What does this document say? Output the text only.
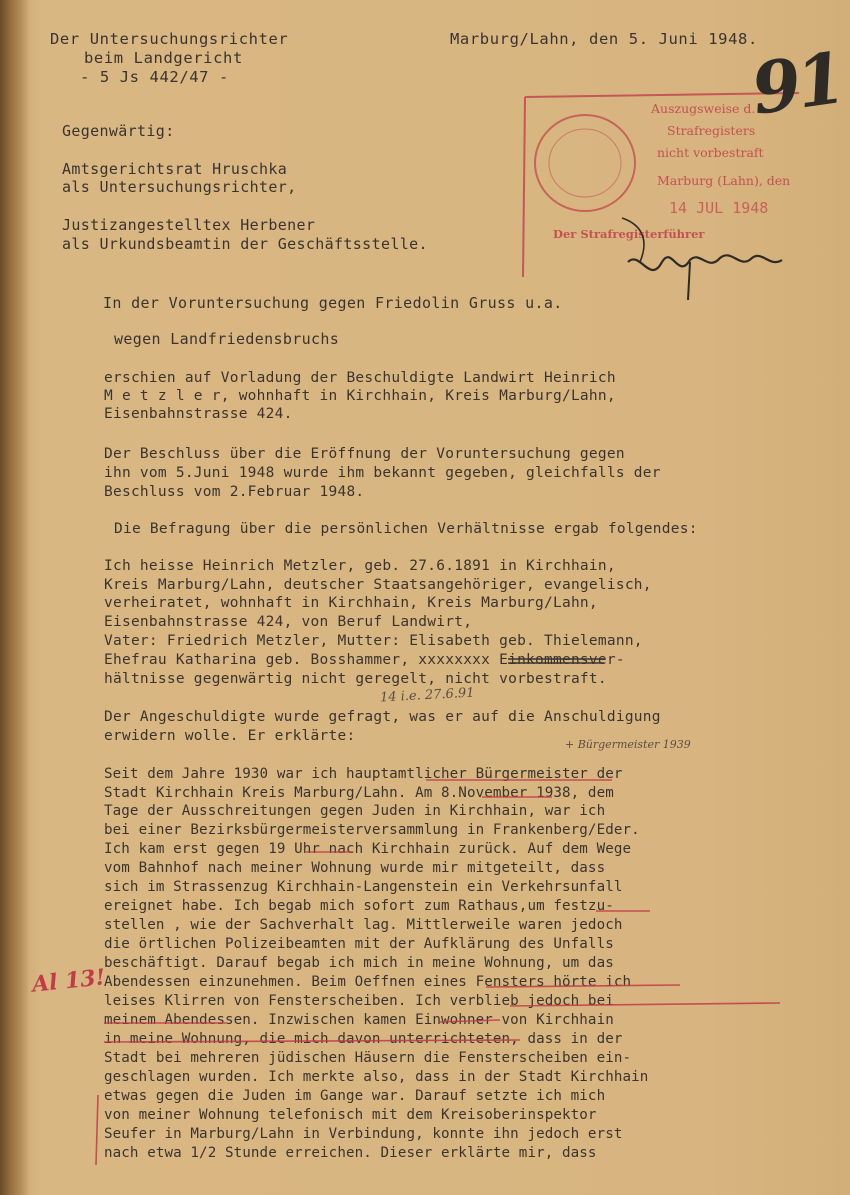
Der Untersuchungsrichter

beim Landgericht

- 5 Js 442/47 -

Marburg/Lahn, den 5. Juni 1948.

Gegenwärtig:

Amtsgerichtsrat Hruschka

als Untersuchungsrichter,

Justizangestelltex Herbener

als Urkundsbeamtin der Geschäftsstelle.

Auszugsweise d.
Strafregisters
nicht vorbestraft
Marburg (Lahn), den
14 JUL 1948
Der Strafregisterführer

In der Voruntersuchung gegen Friedolin Gruss u.a.

wegen Landfriedensbruchs

erschien auf Vorladung der Beschuldigte Landwirt Heinrich

M e t z l e r, wohnhaft in Kirchhain, Kreis Marburg/Lahn,

Eisenbahnstrasse 424.

Der Beschluss über die Eröffnung der Voruntersuchung gegen

ihn vom 5.Juni 1948 wurde ihm bekannt gegeben, gleichfalls der

Beschluss vom 2.Februar 1948.

Die Befragung über die persönlichen Verhältnisse ergab folgendes:

Ich heisse Heinrich Metzler, geb. 27.6.1891 in Kirchhain,

Kreis Marburg/Lahn, deutscher Staatsangehöriger, evangelisch,

verheiratet, wohnhaft in Kirchhain, Kreis Marburg/Lahn,

Eisenbahnstrasse 424, von Beruf Landwirt,

Vater: Friedrich Metzler, Mutter: Elisabeth geb. Thielemann,

Ehefrau Katharina geb. Bosshammer, xxxxxxxx Einkommensver-

hältnisse gegenwärtig nicht geregelt, nicht vorbestraft.

14 i.e. 27.6.91

Der Angeschuldigte wurde gefragt, was er auf die Anschuldigung

erwidern wolle. Er erklärte:

+ Bürgermeister 1939

Seit dem Jahre 1930 war ich hauptamtlicher Bürgermeister der

Stadt Kirchhain Kreis Marburg/Lahn. Am 8.November 1938, dem

Tage der Ausschreitungen gegen Juden in Kirchhain, war ich

bei einer Bezirksbürgermeisterversammlung in Frankenberg/Eder.

Ich kam erst gegen 19 Uhr nach Kirchhain zurück. Auf dem Wege

vom Bahnhof nach meiner Wohnung wurde mir mitgeteilt, dass

sich im Strassenzug Kirchhain-Langenstein ein Verkehrsunfall

ereignet habe. Ich begab mich sofort zum Rathaus,um festzu-

stellen , wie der Sachverhalt lag. Mittlerweile waren jedoch

die örtlichen Polizeibeamten mit der Aufklärung des Unfalls

beschäftigt. Darauf begab ich mich in meine Wohnung, um das

Abendessen einzunehmen. Beim Oeffnen eines Fensters hörte ich

leises Klirren von Fensterscheiben. Ich verblieb jedoch bei

meinem Abendessen. Inzwischen kamen Einwohner von Kirchhain

in meine Wohnung, die mich davon unterrichteten, dass in der

Stadt bei mehreren jüdischen Häusern die Fensterscheiben ein-

geschlagen wurden. Ich merkte also, dass in der Stadt Kirchhain

etwas gegen die Juden im Gange war. Darauf setzte ich mich

von meiner Wohnung telefonisch mit dem Kreisoberinspektor

Seufer in Marburg/Lahn in Verbindung, konnte ihn jedoch erst

nach etwa 1/2 Stunde erreichen. Dieser erklärte mir, dass

Al 13!
91
